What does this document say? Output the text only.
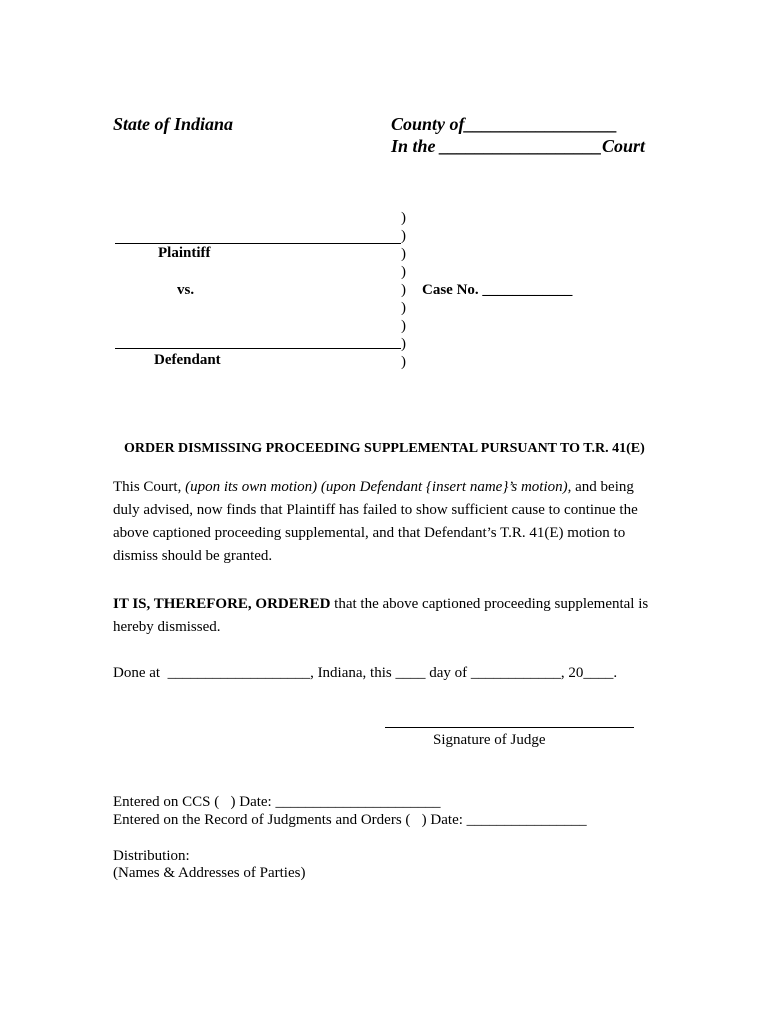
State of Indiana	County of_________________
In the __________________Court
Plaintiff
vs.
Defendant
Case No. ____________
)
)
)
)
)
)
)
)
)
ORDER DISMISSING PROCEEDING SUPPLEMENTAL PURSUANT TO T.R. 41(E)
This Court, (upon its own motion) (upon Defendant {insert name}’s motion), and being
duly advised, now finds that Plaintiff has failed to show sufficient cause to continue the
above captioned proceeding supplemental, and that Defendant’s T.R. 41(E) motion to
dismiss should be granted.
IT IS, THEREFORE, ORDERED that the above captioned proceeding supplemental is
hereby dismissed.
Done at  ___________________, Indiana, this ____ day of ____________, 20____.
Signature of Judge
Entered on CCS (   ) Date: ______________________
Entered on the Record of Judgments and Orders (   ) Date: ________________
Distribution:
(Names & Addresses of Parties)
